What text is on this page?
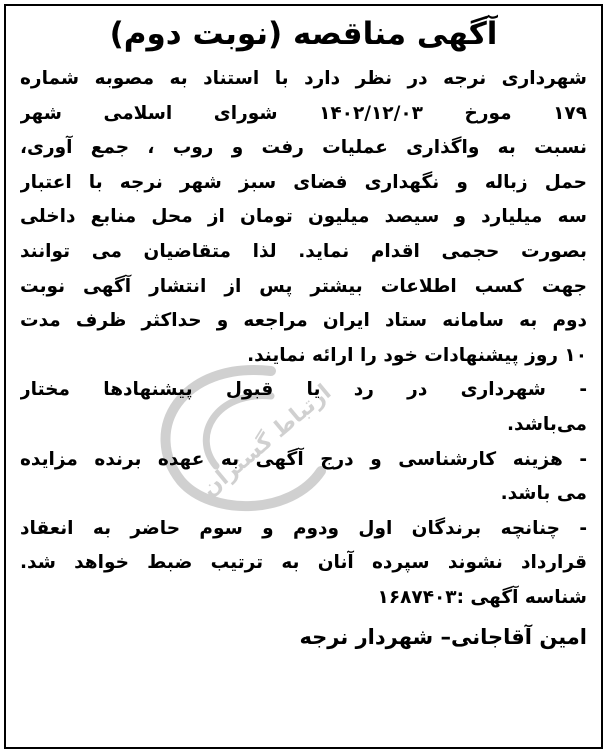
ارتباط گستران
آگهی مناقصه (نوبت دوم)
شهرداری نرجه در نظر دارد با استناد به مصوبه شماره
۱۷۹ مورخ ۱۴۰۲/۱۲/۰۳ شورای اسلامی شهر
نسبت به واگذاری عملیات رفت و روب ، جمع آوری،
حمل زباله و نگهداری فضای سبز شهر نرجه با اعتبار
سه میلیارد و سیصد میلیون تومان از محل منابع داخلی
بصورت حجمی اقدام نماید. لذا متقاضیان می توانند
جهت کسب اطلاعات بیشتر پس از انتشار آگهی نوبت
دوم به سامانه ستاد ایران مراجعه و حداکثر ظرف مدت
۱۰ روز پیشنهادات خود را ارائه نمایند.
- شهرداری در رد یا قبول پیشنهادها مختار
می‌باشد.
- هزینه کارشناسی و درج آگهی به عهده برنده مزایده
می باشد.
- چنانچه برندگان اول ودوم و سوم حاضر به انعقاد
قرارداد نشوند سپرده آنان به ترتیب ضبط خواهد شد.
شناسه آگهی :۱۶۸۷۴۰۳
امین آقاجانی– شهردار نرجه
